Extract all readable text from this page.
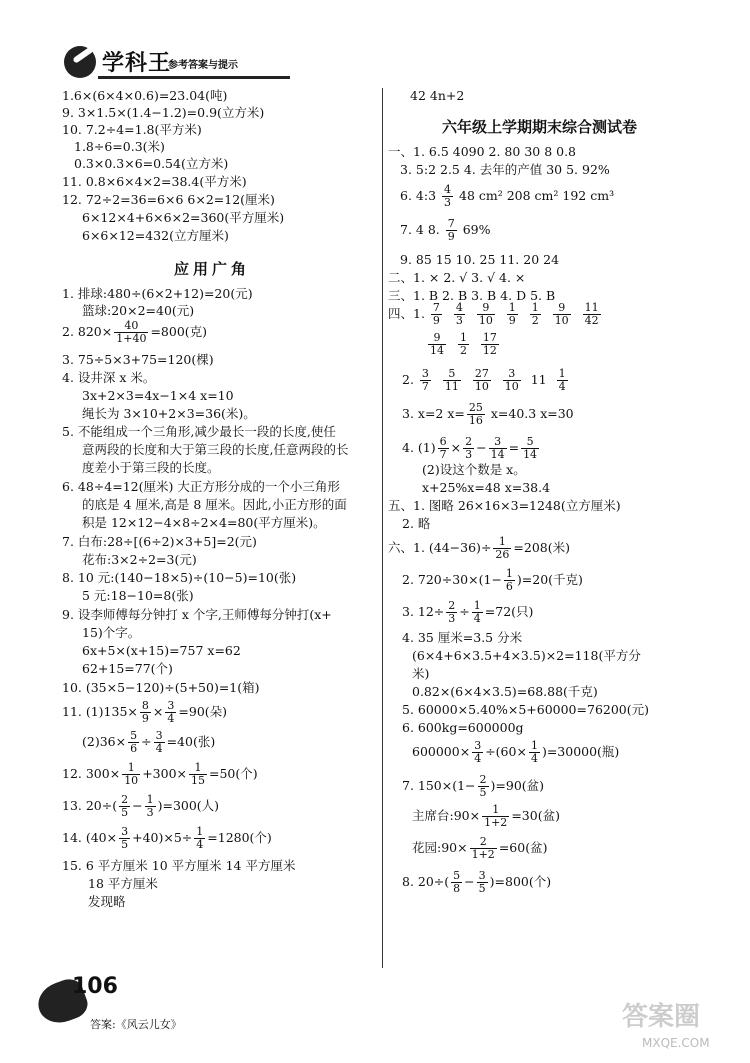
学科王
参考答案与提示
1.6×(6×4×0.6)=23.04(吨)
9. 3×1.5×(1.4−1.2)=0.9(立方米)
10. 7.2÷4=1.8(平方米)
1.8÷6=0.3(米)
0.3×0.3×6=0.54(立方米)
11. 0.8×6×4×2=38.4(平方米)
12. 72÷2=36=6×6 6×2=12(厘米)
6×12×4+6×6×2=360(平方厘米)
6×6×12=432(立方厘米)
应用广角
1. 排球:480÷(6×2+12)=20(元)
篮球:20×2=40(元)
2. $820\times \frac{40}{1+40} =800$(克)
3. 75÷5×3+75=120(棵)
4. 设井深 x 米。
3x+2×3=4x−1×4 x=10
绳长为 3×10+2×3=36(米)。
5. 不能组成一个三角形,减少最长一段的长度,使任
意两段的长度和大于第三段的长度,任意两段的长
度差小于第三段的长度。
6. 48÷4=12(厘米) 大正方形分成的一个小三角形
的底是 4 厘米,高是 8 厘米。因此,小正方形的面
积是 12×12−4×8÷2×4=80(平方厘米)。
7. 白布:28÷[(6÷2)×3+5]=2(元)
花布:3×2÷2=3(元)
8. 10 元:(140−18×5)÷(10−5)=10(张)
5 元:18−10=8(张)
9. 设李师傅每分钟打 x 个字,王师傅每分钟打(x+
15)个字。
6x+5×(x+15)=757 x=62
62+15=77(个)
10. (35×5−120)÷(5+50)=1(箱)
11. $(1)135\times \frac{8}{9} \times \frac{3}{4} =90$(朵)
$(2)36\times \frac{5}{6} \div \frac{3}{4} =40$(张)
12. $300\times \frac{1}{10} +300\times \frac{1}{15} =50$(个)
13. $20\div( \frac{2}{5} - \frac{1}{3} )=300$(人)
14. $(40\times \frac{3}{5} +40)\times 5\div \frac{1}{4} =1280$(个)
15. 6 平方厘米 10 平方厘米 14 平方厘米
18 平方厘米
发现略
42 4n+2
六年级上学期期末综合测试卷
一、1. 6.5 4090 2. 80 30 8 0.8
3. 5:2 2.5 4. 去年的产值 30 5. 92%
6. 4:3 $\frac{4}{3} 48$ cm² 208 cm² 192 cm³
7. 4 8. $\frac{7}{9} 69\%$
9. 85 15 10. 25 11. 20 24
二、1. × 2. √ 3. √ 4. ×
三、1. B 2. B 3. B 4. D 5. B
四、1. $\frac{7}{9}$
$\frac{4}{3}$
$\frac{9}{10}$
$\frac{1}{9}$
$\frac{1}{2}$
$\frac{9}{10}$
$\frac{11}{42}$
$\frac{9}{14}$
$\frac{1}{2}$
$\frac{17}{12}$
2. $\frac{3}{7}$
$\frac{5}{11}$
$\frac{27}{10}$
$\frac{3}{10} 11 \frac{1}{4}$
3. x=2 $x= \frac{25}{16} x=40.3$ x=30
4. $(1) \frac{6}{7} \times \frac{2}{3} - \frac{3}{14} = \frac{5}{14}$
(2)设这个数是 x。
x+25%x=48 x=38.4
五、1. 图略 26×16×3=1248(立方厘米)
2. 略
六、1. $(44-36)\div \frac{1}{26} =208$(米)
2. $720\div 30\times(1- \frac{1}{6} )=20$(千克)
3. $12\div \frac{2}{3} \div \frac{1}{4} =72$(只)
4. 35 厘米=3.5 分米
(6×4+6×3.5+4×3.5)×2=118(平方分
米)
0.82×(6×4×3.5)=68.88(千克)
5. 60000×5.40%×5+60000=76200(元)
6. 600kg=600000g
$600000\times \frac{3}{4} \div(60\times \frac{1}{4} )=30000$(瓶)
7. $150\times(1- \frac{2}{5} )=90$(盆)
主席台:90× $\frac{1}{1+2} =30$(盆)
花园:90× $\frac{2}{1+2} =60$(盆)
8. $20\div( \frac{5}{8} - \frac{3}{5} )=800$(个)
106
答案:《风云儿女》	答案圈
MXQE.COM
